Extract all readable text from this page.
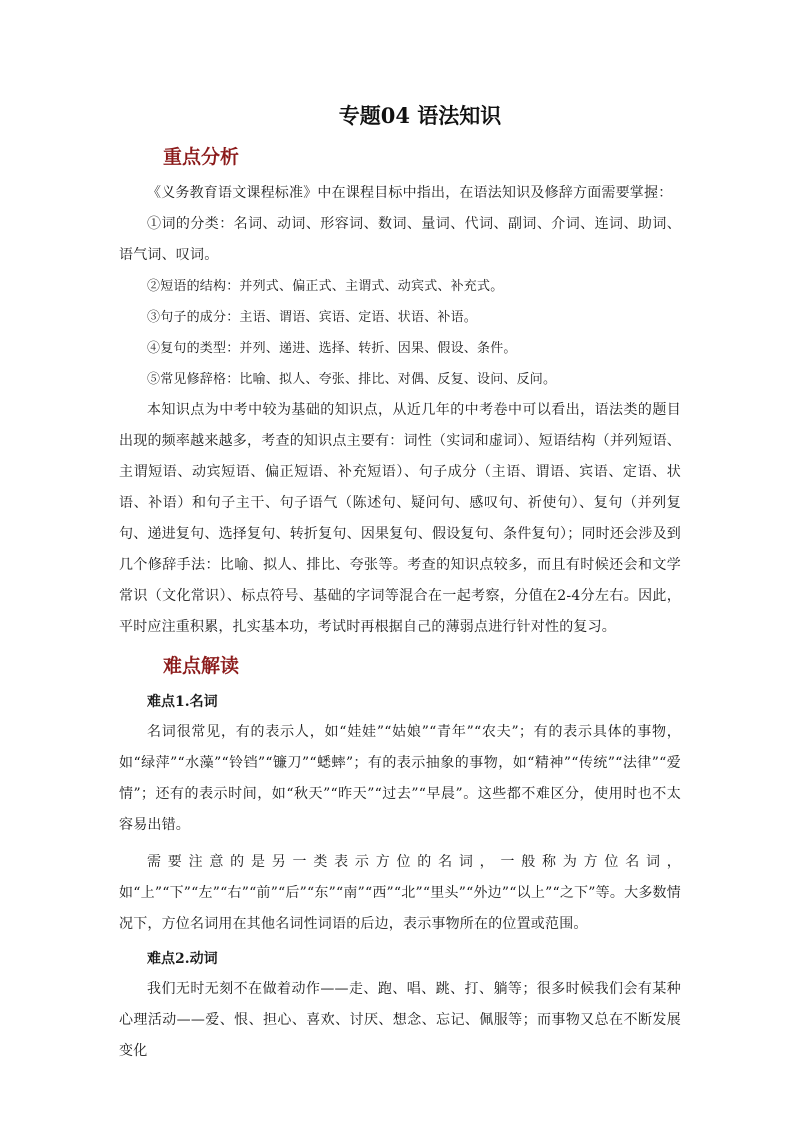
专题04 语法知识
重点分析

《义务教育语文课程标准》中在课程目标中指出，在语法知识及修辞方面需要掌握：

①词的分类：名词、动词、形容词、数词、量词、代词、副词、介词、连词、助词、语气词、叹词。

②短语的结构：并列式、偏正式、主谓式、动宾式、补充式。

③句子的成分：主语、谓语、宾语、定语、状语、补语。

④复句的类型：并列、递进、选择、转折、因果、假设、条件。

⑤常见修辞格：比喻、拟人、夸张、排比、对偶、反复、设问、反问。

本知识点为中考中较为基础的知识点，从近几年的中考卷中可以看出，语法类的题目出现的频率越来越多，考查的知识点主要有：词性（实词和虚词）、短语结构（并列短语、主谓短语、动宾短语、偏正短语、补充短语）、句子成分（主语、谓语、宾语、定语、状语、补语）和句子主干、句子语气（陈述句、疑问句、感叹句、祈使句）、复句（并列复句、递进复句、选择复句、转折复句、因果复句、假设复句、条件复句）；同时还会涉及到几个修辞手法：比喻、拟人、排比、夸张等。考查的知识点较多，而且有时候还会和文学常识（文化常识）、标点符号、基础的字词等混合在一起考察，分值在2-4分左右。因此，平时应注重积累，扎实基本功，考试时再根据自己的薄弱点进行针对性的复习。

难点解读
难点1.名词

名词很常见，有的表示人，如“娃娃”“姑娘”“青年”“农夫”；有的表示具体的事物，如“绿萍”“水藻”“铃铛”“镰刀”“蟋蟀”；有的表示抽象的事物，如“精神”“传统”“法律”“爱情”；还有的表示时间，如“秋天”“昨天”“过去”“早晨”。这些都不难区分，使用时也不太容易出错。

需要注意的是另一类表示方位的名词，一般称为方位名词，如“上”“下”“左”“右”“前”“后”“东”“南”“西”“北”“里头”“外边”“以上”“之下”等。大多数情况下，方位名词用在其他名词性词语的后边，表示事物所在的位置或范围。

难点2.动词

我们无时无刻不在做着动作——走、跑、唱、跳、打、躺等；很多时候我们会有某种心理活动——爱、恨、担心、喜欢、讨厌、想念、忘记、佩服等；而事物又总在不断发展变化
